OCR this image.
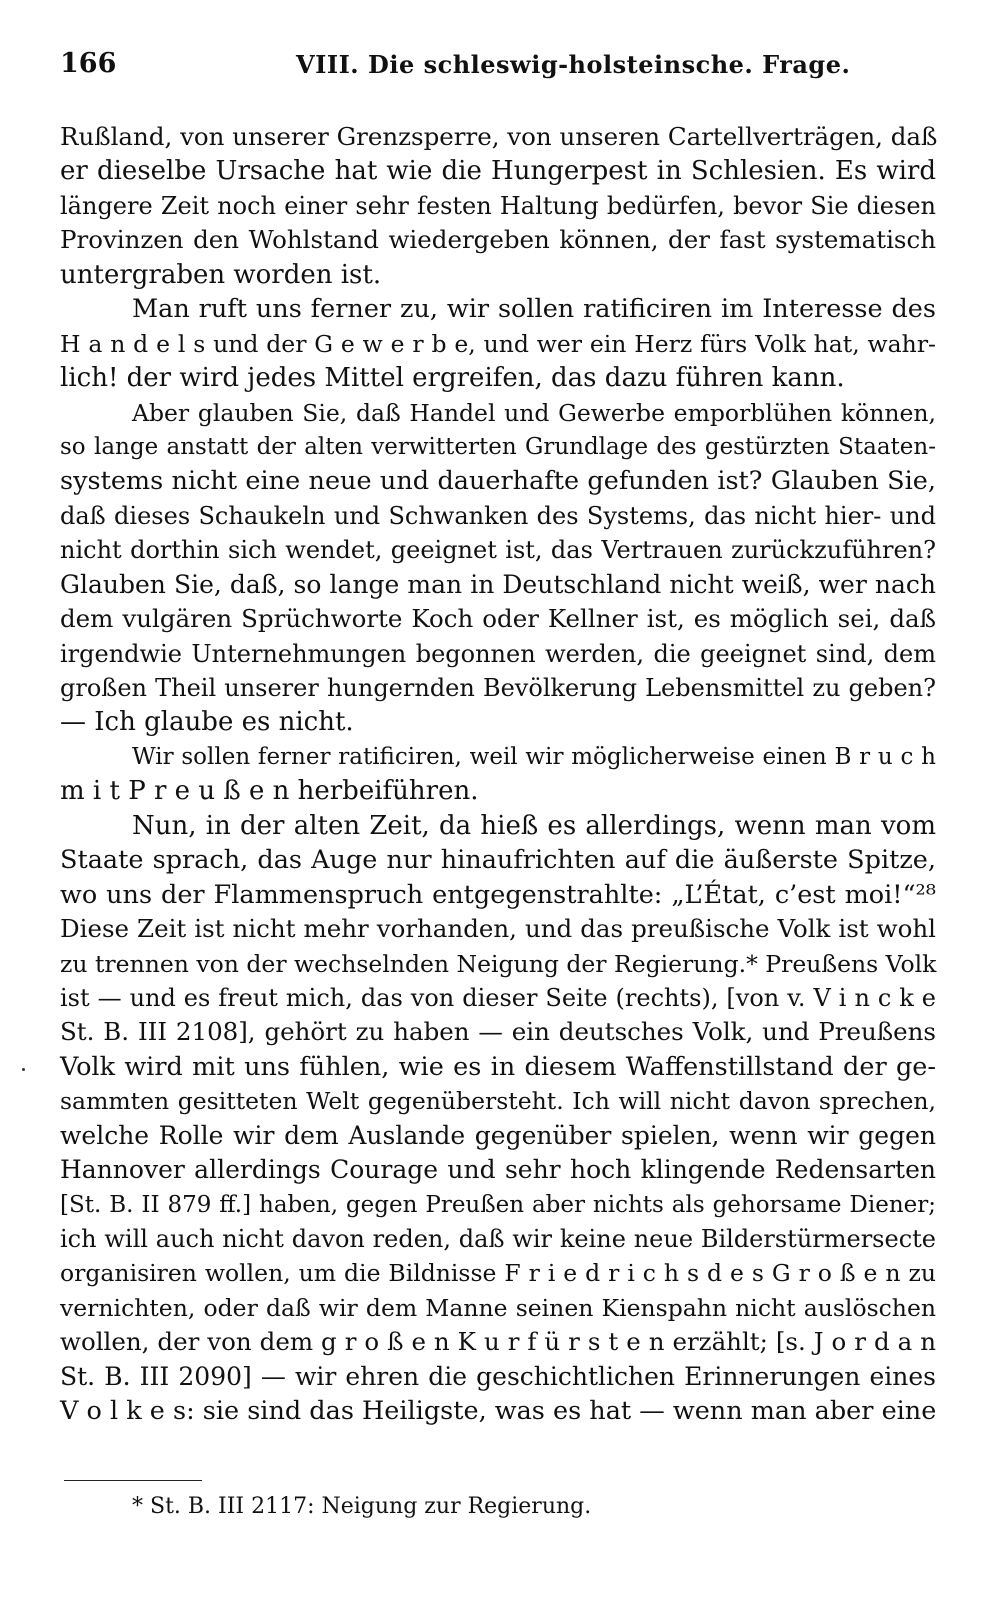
166	VIII. Die schleswig-holsteinsche. Frage.
Rußland, von unserer Grenzsperre, von unseren Cartellverträgen, daß
er dieselbe Ursache hat wie die Hungerpest in Schlesien. Es wird
längere Zeit noch einer sehr festen Haltung bedürfen, bevor Sie diesen
Provinzen den Wohlstand wiedergeben können, der fast systematisch
untergraben worden ist.
Man ruft uns ferner zu, wir sollen ratificiren im Interesse des
H a n d e l s und der G e w e r b e, und wer ein Herz fürs Volk hat, wahr-
lich! der wird jedes Mittel ergreifen, das dazu führen kann.
Aber glauben Sie, daß Handel und Gewerbe emporblühen können,
so lange anstatt der alten verwitterten Grundlage des gestürzten Staaten-
systems nicht eine neue und dauerhafte gefunden ist? Glauben Sie,
daß dieses Schaukeln und Schwanken des Systems, das nicht hier- und
nicht dorthin sich wendet, geeignet ist, das Vertrauen zurückzuführen?
Glauben Sie, daß, so lange man in Deutschland nicht weiß, wer nach
dem vulgären Sprüchworte Koch oder Kellner ist, es möglich sei, daß
irgendwie Unternehmungen begonnen werden, die geeignet sind, dem
großen Theil unserer hungernden Bevölkerung Lebensmittel zu geben?
— Ich glaube es nicht.
Wir sollen ferner ratificiren, weil wir möglicherweise einen B r u c h
m i t P r e u ß e n herbeiführen.
Nun, in der alten Zeit, da hieß es allerdings, wenn man vom
Staate sprach, das Auge nur hinaufrichten auf die äußerste Spitze,
wo uns der Flammenspruch entgegenstrahlte: „L’État, c’est moi!“²⁸
Diese Zeit ist nicht mehr vorhanden, und das preußische Volk ist wohl
zu trennen von der wechselnden Neigung der Regierung.* Preußens Volk
ist — und es freut mich, das von dieser Seite (rechts), [von v. V i n c k e
St. B. III 2108], gehört zu haben — ein deutsches Volk, und Preußens
Volk wird mit uns fühlen, wie es in diesem Waffenstillstand der ge-
sammten gesitteten Welt gegenübersteht. Ich will nicht davon sprechen,
welche Rolle wir dem Auslande gegenüber spielen, wenn wir gegen
Hannover allerdings Courage und sehr hoch klingende Redensarten
[St. B. II 879 ff.] haben, gegen Preußen aber nichts als gehorsame Diener;
ich will auch nicht davon reden, daß wir keine neue Bilderstürmersecte
organisiren wollen, um die Bildnisse F r i e d r i c h s d e s G r o ß e n zu
vernichten, oder daß wir dem Manne seinen Kienspahn nicht auslöschen
wollen, der von dem g r o ß e n K u r f ü r s t e n erzählt; [s. J o r d a n
St. B. III 2090] — wir ehren die geschichtlichen Erinnerungen eines
V o l k e s: sie sind das Heiligste, was es hat — wenn man aber eine
* St. B. III 2117: Neigung zur Regierung.
